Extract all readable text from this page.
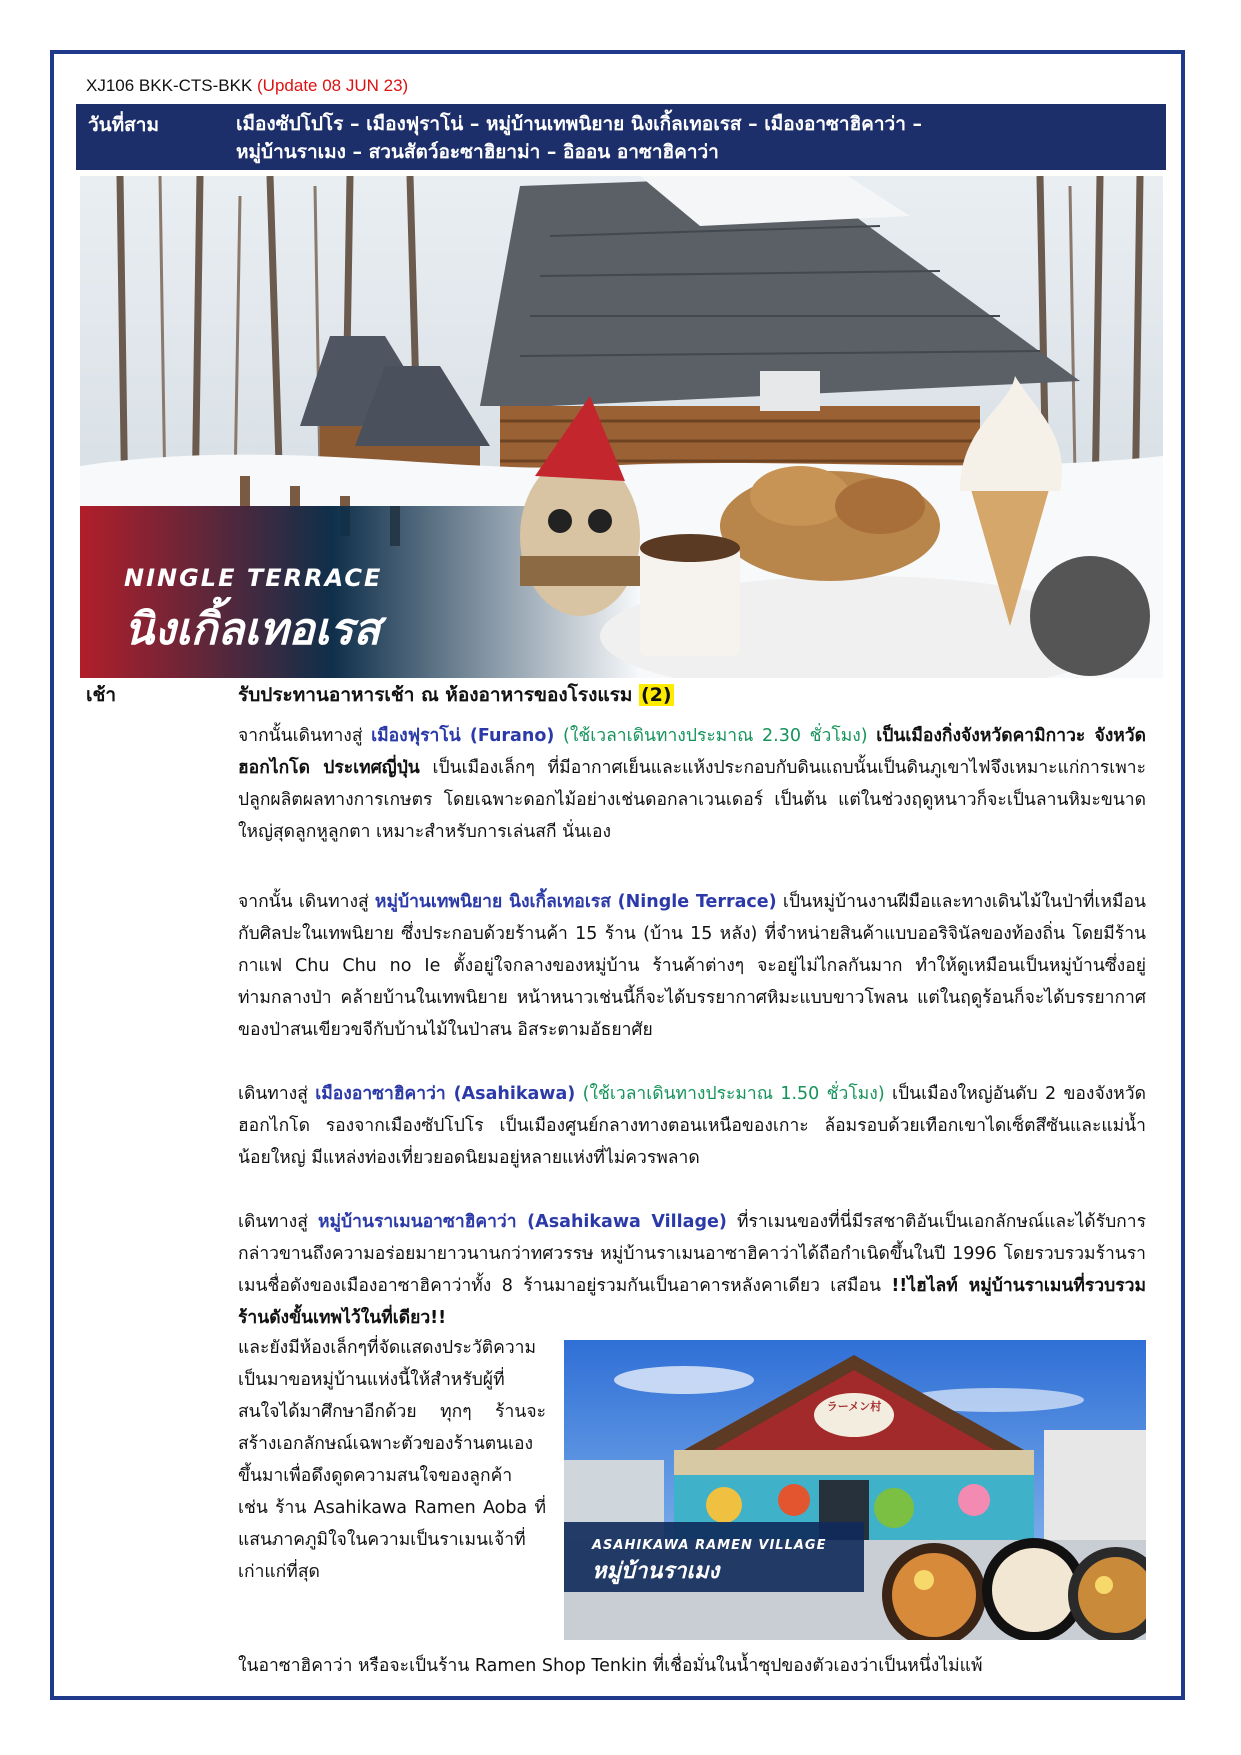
XJ106 BKK-CTS-BKK (Update 08 JUN 23)
วันที่สาม	เมืองซัปโปโร – เมืองฟุราโน่ – หมู่บ้านเทพนิยาย นิงเกิ้ลเทอเรส – เมืองอาซาฮิคาว่า –
หมู่บ้านราเมง – สวนสัตว์อะซาฮิยาม่า – อิออน อาซาฮิคาว่า
NINGLE TERRACE
นิงเกิ้ลเทอเรส
เช้า	รับประทานอาหารเช้า ณ ห้องอาหารของโรงแรม (2)
จากนั้นเดินทางสู่ เมืองฟุราโน่ (Furano) (ใช้เวลาเดินทางประมาณ 2.30 ชั่วโมง) เป็นเมืองกิ่งจังหวัดคามิกาวะ จังหวัดฮอกไกโด ประเทศญี่ปุ่น เป็นเมืองเล็กๆ ที่มีอากาศเย็นและแห้งประกอบกับดินแถบนั้นเป็นดินภูเขาไฟจึงเหมาะแก่การเพาะปลูกผลิตผลทางการเกษตร โดยเฉพาะดอกไม้อย่างเช่นดอกลาเวนเดอร์ เป็นต้น แต่ในช่วงฤดูหนาวก็จะเป็นลานหิมะขนาดใหญ่สุดลูกหูลูกตา เหมาะสำหรับการเล่นสกี นั่นเอง
จากนั้น เดินทางสู่ หมู่บ้านเทพนิยาย นิงเกิ้ลเทอเรส (Ningle Terrace) เป็นหมู่บ้านงานฝีมือและทางเดินไม้ในป่าที่เหมือนกับศิลปะในเทพนิยาย ซึ่งประกอบด้วยร้านค้า 15 ร้าน (บ้าน 15 หลัง) ที่จำหน่ายสินค้าแบบออริจินัลของท้องถิ่น โดยมีร้านกาแฟ Chu Chu no Ie ตั้งอยู่ใจกลางของหมู่บ้าน ร้านค้าต่างๆ จะอยู่ไม่ไกลกันมาก ทำให้ดูเหมือนเป็นหมู่บ้านซึ่งอยู่ท่ามกลางป่า คล้ายบ้านในเทพนิยาย หน้าหนาวเช่นนี้ก็จะได้บรรยากาศหิมะแบบขาวโพลน แต่ในฤดูร้อนก็จะได้บรรยากาศของป่าสนเขียวขจีกับบ้านไม้ในป่าสน อิสระตามอัธยาศัย
เดินทางสู่ เมืองอาซาฮิคาว่า (Asahikawa) (ใช้เวลาเดินทางประมาณ 1.50 ชั่วโมง) เป็นเมืองใหญ่อันดับ 2 ของจังหวัดฮอกไกโด รองจากเมืองซัปโปโร เป็นเมืองศูนย์กลางทางตอนเหนือของเกาะ ล้อมรอบด้วยเทือกเขาไดเซ็ตสึซันและแม่น้ำน้อยใหญ่ มีแหล่งท่องเที่ยวยอดนิยมอยู่หลายแห่งที่ไม่ควรพลาด
เดินทางสู่ หมู่บ้านราเมนอาซาฮิคาว่า (Asahikawa Village) ที่ราเมนของที่นี่มีรสชาติอันเป็นเอกลักษณ์และได้รับการกล่าวขานถึงความอร่อยมายาวนานกว่าทศวรรษ หมู่บ้านราเมนอาซาฮิคาว่าได้ถือกำเนิดขึ้นในปี 1996 โดยรวบรวมร้านราเมนชื่อดังของเมืองอาซาฮิคาว่าทั้ง 8 ร้านมาอยู่รวมกันเป็นอาคารหลังคาเดียว เสมือน !!ไฮไลท์ หมู่บ้านราเมนที่รวบรวมร้านดังขั้นเทพไว้ในที่เดียว!!
และยังมีห้องเล็กๆที่จัดแสดงประวัติความเป็นมาขอหมู่บ้านแห่งนี้ให้สำหรับผู้ที่สนใจได้มาศึกษาอีกด้วย ทุกๆ ร้านจะสร้างเอกลักษณ์เฉพาะตัวของร้านตนเองขึ้นมาเพื่อดึงดูดความสนใจของลูกค้า เช่น ร้าน Asahikawa Ramen Aoba ที่แสนภาคภูมิใจในความเป็นราเมนเจ้าที่เก่าแก่ที่สุด
ASAHIKAWA RAMEN VILLAGE
หมู่บ้านราเมง
ラーメン村
ในอาซาฮิคาว่า หรือจะเป็นร้าน Ramen Shop Tenkin ที่เชื่อมั่นในน้ำซุปของตัวเองว่าเป็นหนึ่งไม่แพ้
